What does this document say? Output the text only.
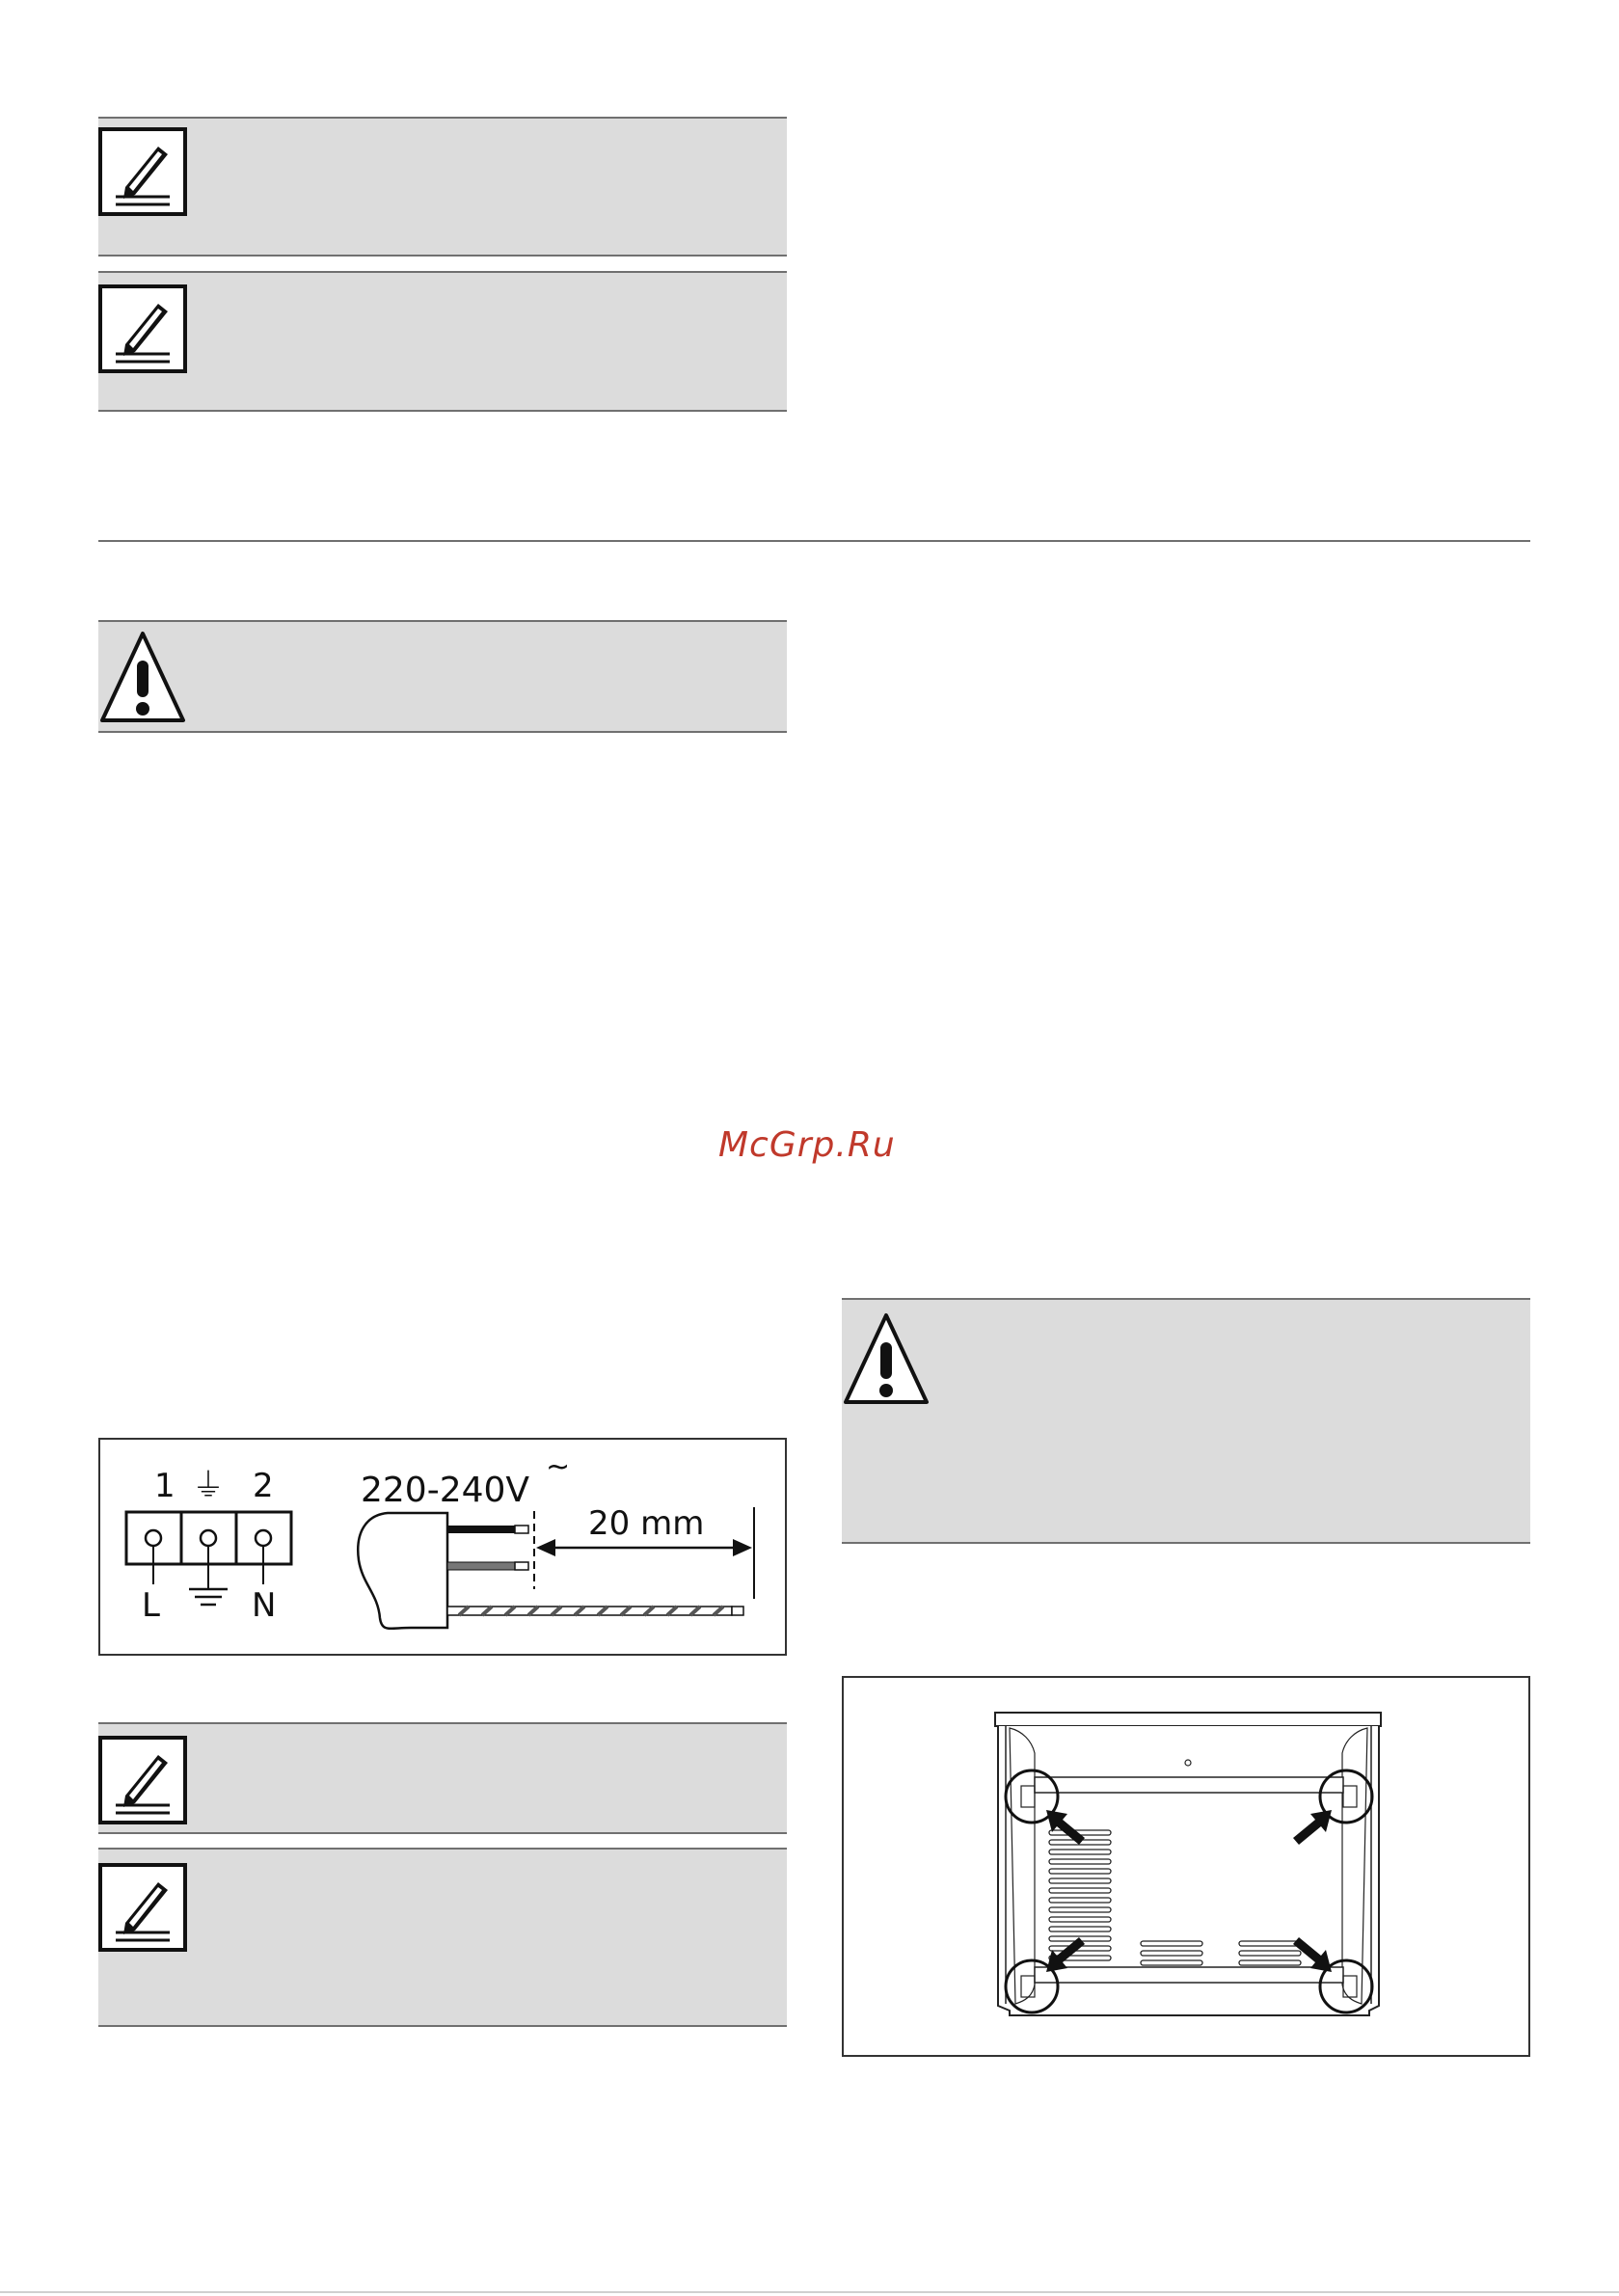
McGrp.Ru
1 ⏚ 2
L	N
220-240V
~
20 mm
